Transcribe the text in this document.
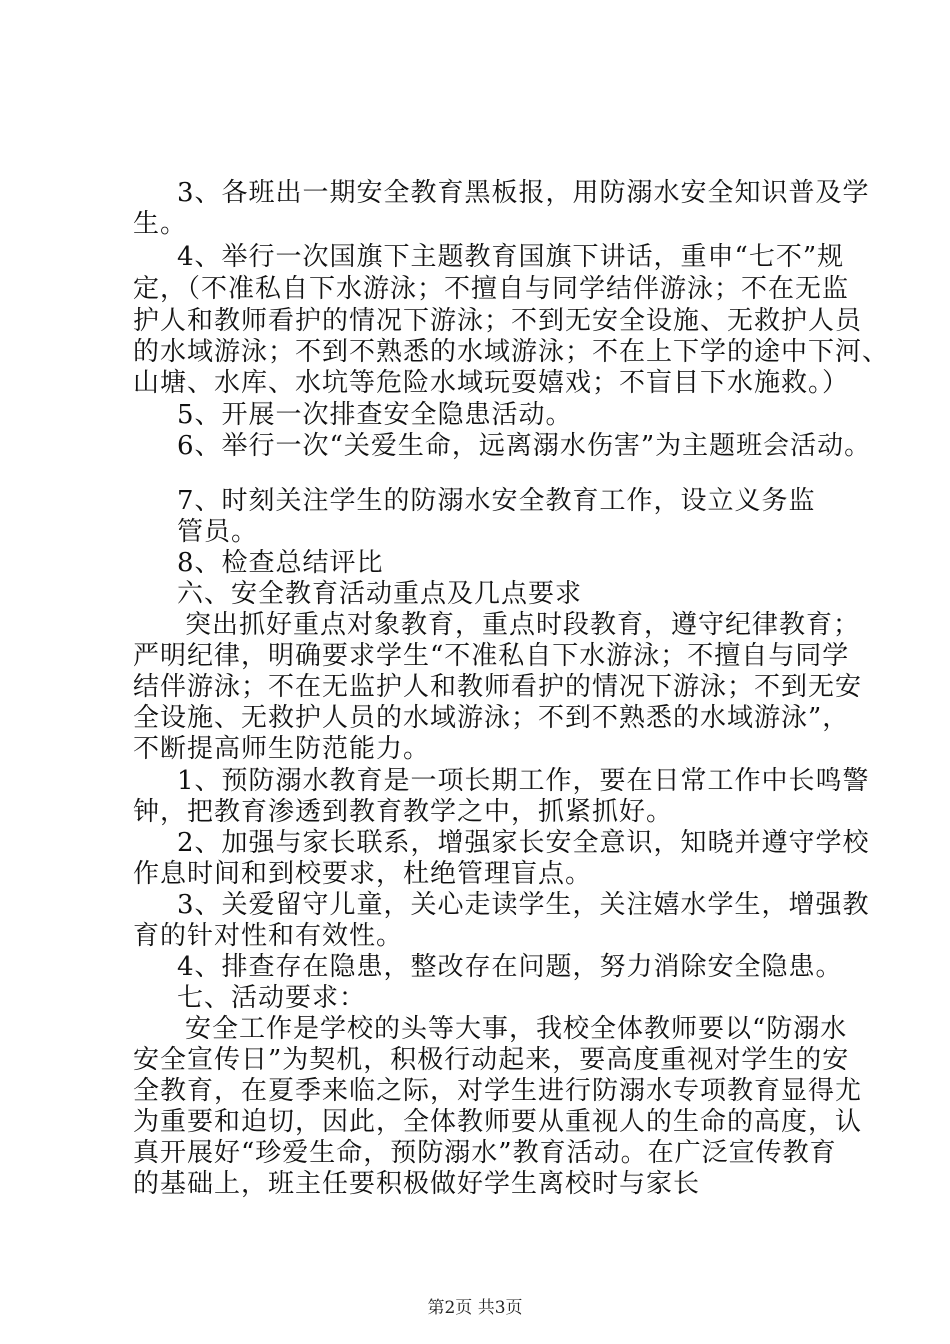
3、各班出一期安全教育黑板报，用防溺水安全知识普及学
生。
4、举行一次国旗下主题教育国旗下讲话，重申“七不”规
定，（不准私自下水游泳；不擅自与同学结伴游泳；不在无监
护人和教师看护的情况下游泳；不到无安全设施、无救护人员
的水域游泳；不到不熟悉的水域游泳；不在上下学的途中下河、
山塘、水库、水坑等危险水域玩耍嬉戏；不盲目下水施救。）
5、开展一次排查安全隐患活动。
6、举行一次“关爱生命，远离溺水伤害”为主题班会活动。
7、时刻关注学生的防溺水安全教育工作，设立义务监
管员。
8、检查总结评比
六、安全教育活动重点及几点要求
突出抓好重点对象教育，重点时段教育，遵守纪律教育；
严明纪律，明确要求学生“不准私自下水游泳；不擅自与同学
结伴游泳；不在无监护人和教师看护的情况下游泳；不到无安
全设施、无救护人员的水域游泳；不到不熟悉的水域游泳”，
不断提高师生防范能力。
1、预防溺水教育是一项长期工作，要在日常工作中长鸣警
钟，把教育渗透到教育教学之中，抓紧抓好。
2、加强与家长联系，增强家长安全意识，知晓并遵守学校
作息时间和到校要求，杜绝管理盲点。
3、关爱留守儿童，关心走读学生，关注嬉水学生，增强教
育的针对性和有效性。
4、排查存在隐患，整改存在问题，努力消除安全隐患。
七、活动要求：
安全工作是学校的头等大事，我校全体教师要以“防溺水
安全宣传日”为契机，积极行动起来，要高度重视对学生的安
全教育，在夏季来临之际，对学生进行防溺水专项教育显得尤
为重要和迫切，因此，全体教师要从重视人的生命的高度，认
真开展好“珍爱生命，预防溺水”教育活动。在广泛宣传教育
的基础上，班主任要积极做好学生离校时与家长
第2页 共3页
